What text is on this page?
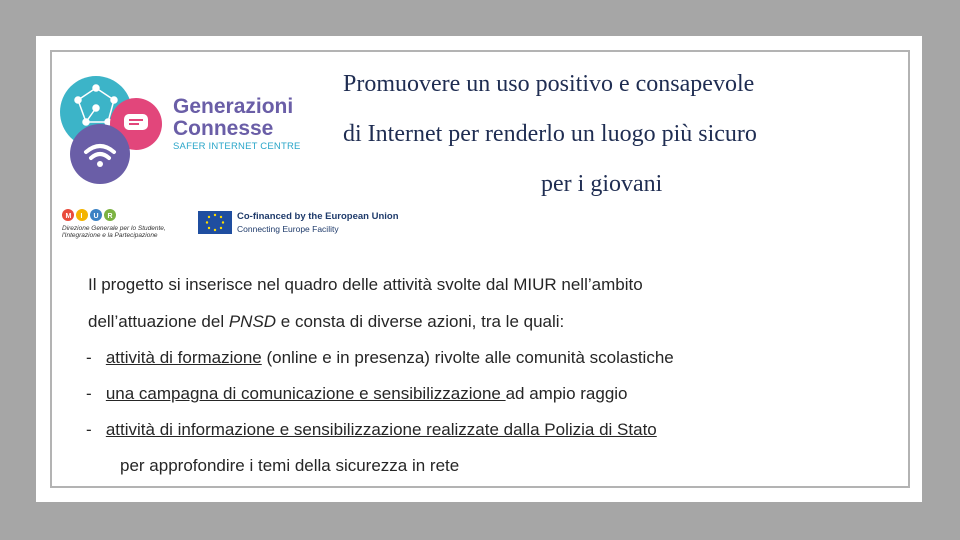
Generazioni
Connesse
SAFER INTERNET CENTRE
M I U R
Direzione Generale per lo Studente,
l'Integrazione e la Partecipazione
Co-financed by the European Union
Connecting Europe Facility
Promuovere un uso positivo e consapevole
di Internet per renderlo un luogo più sicuro
per i giovani
Il progetto si inserisce nel quadro delle attività svolte dal MIUR nell’ambito
dell’attuazione del PNSD e consta di diverse azioni, tra le quali:
- attività di formazione (online e in presenza) rivolte alle comunità scolastiche
- una campagna di comunicazione e sensibilizzazione ad ampio raggio
- attività di informazione e sensibilizzazione realizzate dalla Polizia di Stato
per approfondire i temi della sicurezza in rete
